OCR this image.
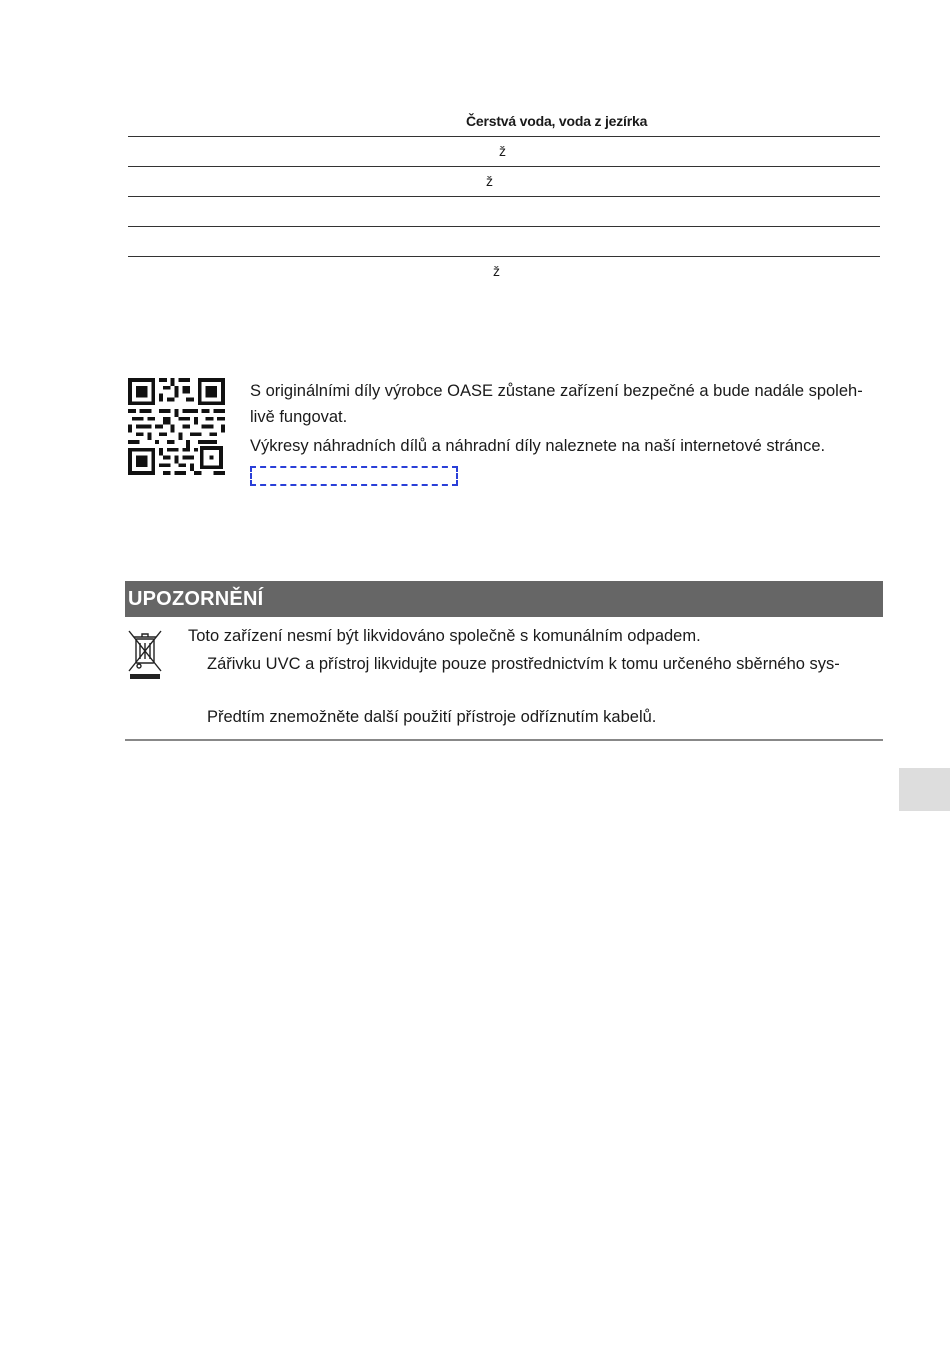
Čerstvá voda, voda z jezírka
ž
ž
ž

S originálními díly výrobce OASE zůstane zařízení bezpečné a bude nadále spoleh-
livě fungovat.

Výkresy náhradních dílů a náhradní díly naleznete na naší internetové stránce.

UPOZORNĚNÍ
Toto zařízení nesmí být likvidováno společně s komunálním odpadem.
Zářivku UVC a přístroj likvidujte pouze prostřednictvím k tomu určeného sběrného sys-
Předtím znemožněte další použití přístroje odříznutím kabelů.
